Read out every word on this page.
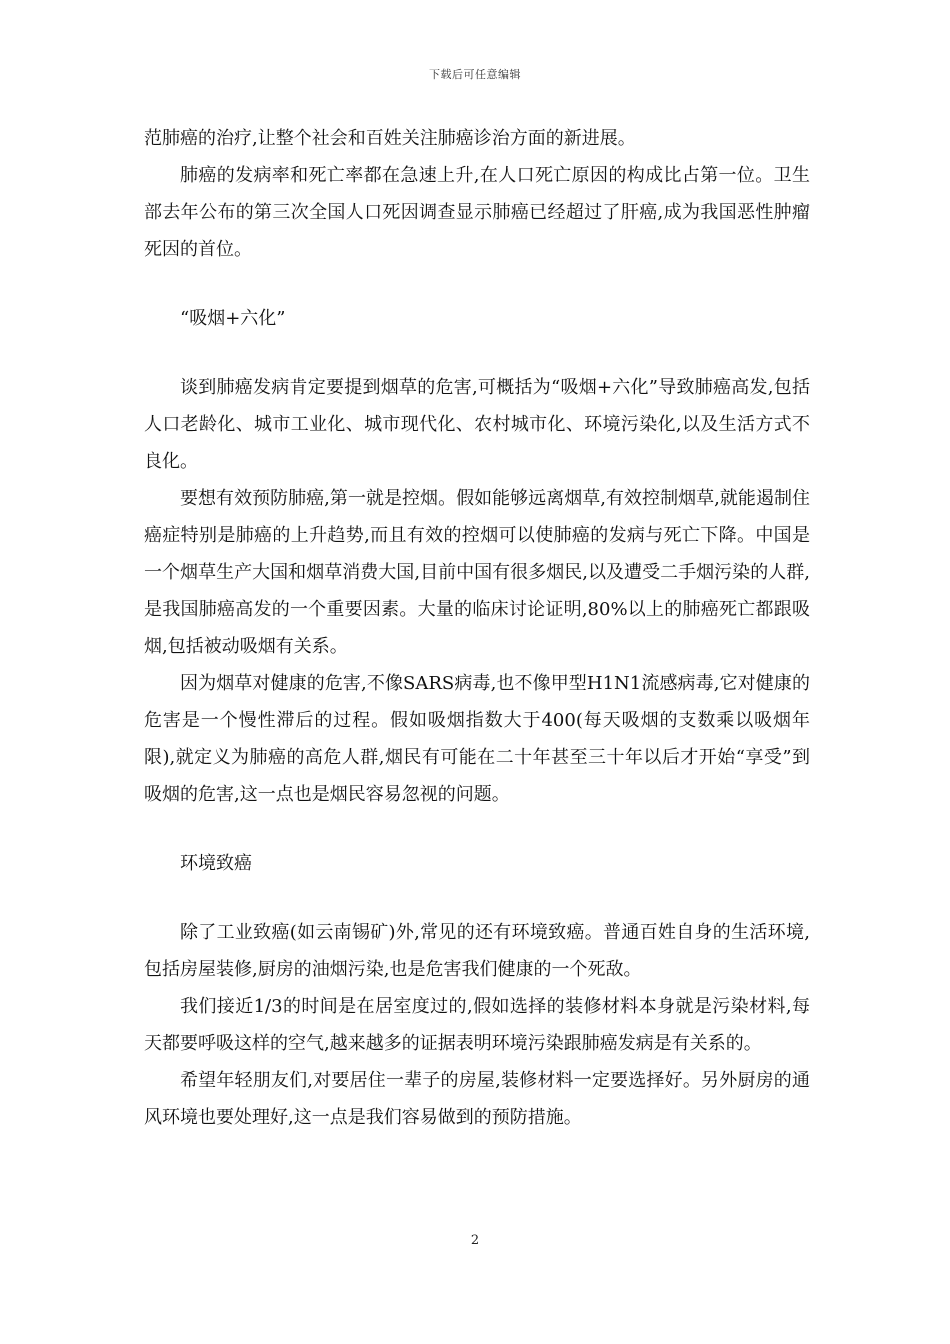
下载后可任意编辑

范肺癌的治疗,让整个社会和百姓关注肺癌诊治方面的新进展。

肺癌的发病率和死亡率都在急速上升,在人口死亡原因的构成比占第一位。卫生部去年公布的第三次全国人口死因调查显示肺癌已经超过了肝癌,成为我国恶性肿瘤死因的首位。

“吸烟+六化”

谈到肺癌发病肯定要提到烟草的危害,可概括为“吸烟+六化”导致肺癌高发,包括人口老龄化、城市工业化、城市现代化、农村城市化、环境污染化,以及生活方式不良化。

要想有效预防肺癌,第一就是控烟。假如能够远离烟草,有效控制烟草,就能遏制住癌症特别是肺癌的上升趋势,而且有效的控烟可以使肺癌的发病与死亡下降。中国是一个烟草生产大国和烟草消费大国,目前中国有很多烟民,以及遭受二手烟污染的人群,是我国肺癌高发的一个重要因素。大量的临床讨论证明,80%以上的肺癌死亡都跟吸烟,包括被动吸烟有关系。

因为烟草对健康的危害,不像SARS病毒,也不像甲型H1N1流感病毒,它对健康的危害是一个慢性滞后的过程。假如吸烟指数大于400(每天吸烟的支数乘以吸烟年限),就定义为肺癌的高危人群,烟民有可能在二十年甚至三十年以后才开始“享受”到吸烟的危害,这一点也是烟民容易忽视的问题。

环境致癌

除了工业致癌(如云南锡矿)外,常见的还有环境致癌。普通百姓自身的生活环境,包括房屋装修,厨房的油烟污染,也是危害我们健康的一个死敌。

我们接近1/3的时间是在居室度过的,假如选择的装修材料本身就是污染材料,每天都要呼吸这样的空气,越来越多的证据表明环境污染跟肺癌发病是有关系的。

希望年轻朋友们,对要居住一辈子的房屋,装修材料一定要选择好。另外厨房的通风环境也要处理好,这一点是我们容易做到的预防措施。

2
